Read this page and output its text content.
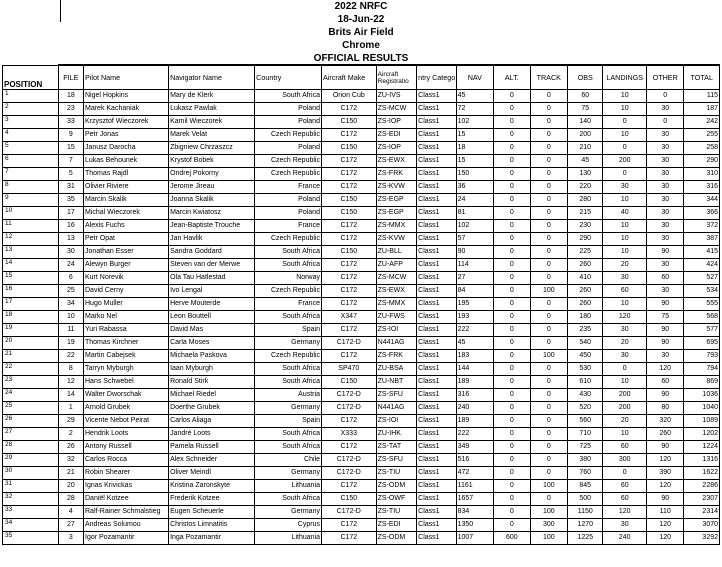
2022 NRFC
18-Jun-22
Brits Air Field
Chrome
OFFICIAL RESULTS
POSITION	FILE	Pilot Name	Navigator Name	Country	Aircraft Make	Aircraft Registratio	ntry Catego	NAV	ALT.	TRACK	OBS	LANDINGS	OTHER	TOTAL
1	18	Nigel Hopkins	Mary de Klerk	South Africa	Orion Cub	ZU-IVS	Class1	45	0	0	60	10	0	115
2	23	Marek Kachaniak	Lukasz Pawlak	Poland	C172	ZS-MCW	Class1	72	0	0	75	10	30	187
3	33	Krzysztof Wieczorek	Kamil Wieczorek	Poland	C150	ZS-IOP	Class1	102	0	0	140	0	0	242
4	9	Petr Jonas	Marek Velat	Czech Republic	C172	ZS-EDI	Class1	15	0	0	200	10	30	255
5	15	Janusz Darocha	Zbigniew Chrzaszcz	Poland	C150	ZS-IOP	Class1	18	0	0	210	0	30	258
6	7	Lukas Behounek	Krystof Bobek	Czech Republic	C172	ZS-EWX	Class1	15	0	0	45	200	30	290
7	5	Thomas Rajdl	Ondrej Pokorny	Czech Republic	C172	ZS-FRK	Class1	150	0	0	130	0	30	310
8	31	Olivier Riviere	Jerome Jireau	France	C172	ZS-KVW	Class1	36	0	0	220	30	30	316
9	35	Marcin Skalik	Joanna Skalik	Poland	C150	ZS-EGP	Class1	24	0	0	280	10	30	344
10	17	Michal Wieczorek	Marcin Kwiatosz	Poland	C150	ZS-EGP	Class1	81	0	0	215	40	30	366
11	16	Alexis Fuchs	Jean-Baptiste Trouche	France	C172	ZS-MMX	Class1	102	0	0	230	10	30	372
12	13	Petr Opat	Jan Havlik	Czech Republic	C172	ZS-KVW	Class1	57	0	0	290	10	30	387
13	30	Jonathan Esser	Sandra Goddard	South Africa	C150	ZU-BLL	Class1	90	0	0	225	10	90	415
14	24	Alewyn Burger	Steven van der Merwe	South Africa	C172	ZU-AFP	Class1	114	0	0	260	20	30	424
15	6	Kurt Norevik	Ola Tau Hatlestad	Norway	C172	ZS-MCW	Class1	27	0	0	410	30	60	527
16	25	David Cerny	Ivo Lengal	Czech Republic	C172	ZS-EWX	Class1	84	0	100	260	60	30	534
17	34	Hugo Muller	Herve Mouterde	France	C172	ZS-MMX	Class1	195	0	0	260	10	90	555
18	10	Marko Nel	Leon Bouttell	South Africa	X347	ZU-FWS	Class1	193	0	0	180	120	75	568
19	11	Yuri Rabassa	David Mas	Spain	C172	ZS-IOI	Class1	222	0	0	235	30	90	577
20	19	Thomas Kirchner	Carla Moses	Germany	C172-D	N441AG	Class1	45	0	0	540	20	90	695
21	22	Martin Cabejsek	Michaela Paskova	Czech Republic	C172	ZS-FRK	Class1	183	0	100	450	30	30	793
22	8	Tarryn Myburgh	Iaan Myburgh	South Africa	SP470	ZU-BSA	Class1	144	0	0	530	0	120	794
23	12	Hans Schwebel	Ronald Stirk	South Africa	C150	ZU-NBT	Class1	189	0	0	610	10	60	869
24	14	Walter Dworschak	Michael Riedel	Austria	C172-D	ZS-SFU	Class1	316	0	0	430	200	90	1036
25	1	Arnold Grubek	Doerthe Grubek	Germany	C172-D	N441AG	Class1	240	0	0	520	200	80	1040
26	29	Vicente Nebot Peirat	Carlos Aliaga	Spain	C172	ZS-IOI	Class1	189	0	0	560	20	320	1089
27	2	Hendrik Loots	Jandré Loots	South Africa	X333	ZU-IHK	Class1	222	0	0	710	10	260	1202
28	26	Antony Russell	Pamela Russell	South Africa	C172	ZS-TAT	Class1	349	0	0	725	60	90	1224
29	32	Carlos Rocca	Alex Schneider	Chile	C172-D	ZS-SFU	Class1	516	0	0	380	300	120	1316
30	21	Robin Shearer	Oliver Meindl	Germany	C172-D	ZS-TIU	Class1	472	0	0	760	0	390	1622
31	20	Ignas Krivickas	Kristina Zaronskyte	Lithuania	C172	ZS-ODM	Class1	1161	0	100	845	60	120	2286
32	28	Daniël Kotzee	Frederik Kotzee	South Africa	C150	ZS-OWF	Class1	1657	0	0	500	60	90	2307
33	4	Ralf-Rainer Schmalstieg	Eugen Scheuerle	Germany	C172-D	ZS-TIU	Class1	834	0	100	1150	120	110	2314
34	27	Andreas Solumou	Christos Limnatitis	Cyprus	C172	ZS-EDI	Class1	1350	0	300	1270	30	120	3070
35	3	Igor Pozamantir	Inga Pozamantir	Lithuania	C172	ZS-ODM	Class1	1007	600	100	1225	240	120	3292
